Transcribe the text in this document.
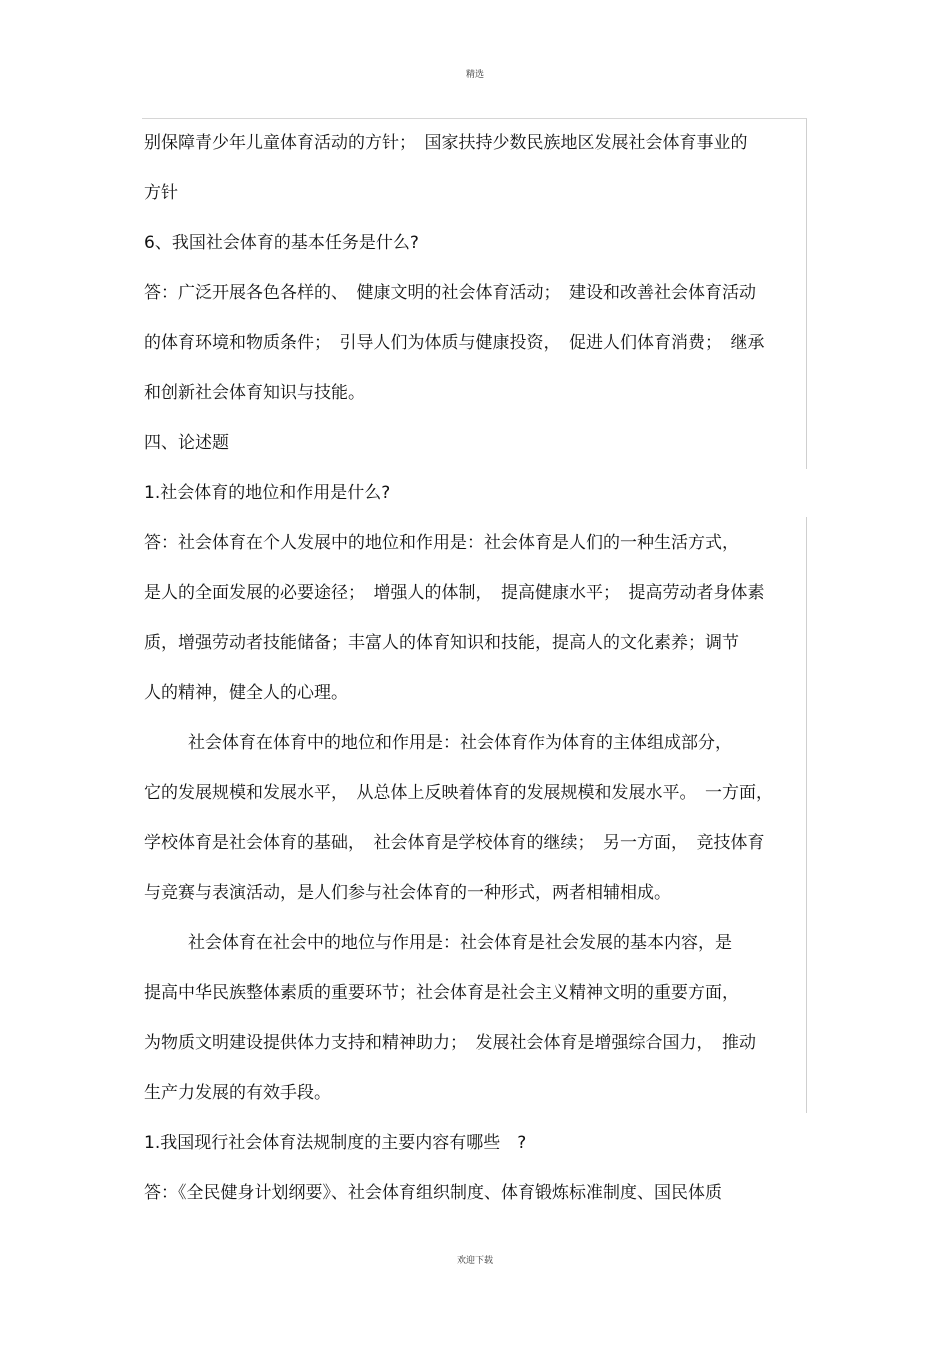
精选
别保障青少年儿童体育活动的方针；　国家扶持少数民族地区发展社会体育事业的
方针
6、我国社会体育的基本任务是什么?
答：广泛开展各色各样的、　健康文明的社会体育活动；　建设和改善社会体育活动
的体育环境和物质条件；　引导人们为体质与健康投资，　促进人们体育消费；　继承
和创新社会体育知识与技能。
四、论述题
1.社会体育的地位和作用是什么?
答：社会体育在个人发展中的地位和作用是：社会体育是人们的一种生活方式，
是人的全面发展的必要途径；　增强人的体制，　提高健康水平；　提高劳动者身体素
质，增强劳动者技能储备；丰富人的体育知识和技能，提高人的文化素养；调节
人的精神，健全人的心理。
社会体育在体育中的地位和作用是：社会体育作为体育的主体组成部分，
它的发展规模和发展水平，　从总体上反映着体育的发展规模和发展水平。　一方面，
学校体育是社会体育的基础，　社会体育是学校体育的继续；　另一方面，　竞技体育
与竞赛与表演活动，是人们参与社会体育的一种形式，两者相辅相成。
社会体育在社会中的地位与作用是：社会体育是社会发展的基本内容，是
提高中华民族整体素质的重要环节；社会体育是社会主义精神文明的重要方面，
为物质文明建设提供体力支持和精神助力；　发展社会体育是增强综合国力，　推动
生产力发展的有效手段。
1.我国现行社会体育法规制度的主要内容有哪些　?
答：《全民健身计划纲要》、社会体育组织制度、体育锻炼标准制度、国民体质
欢迎下载
